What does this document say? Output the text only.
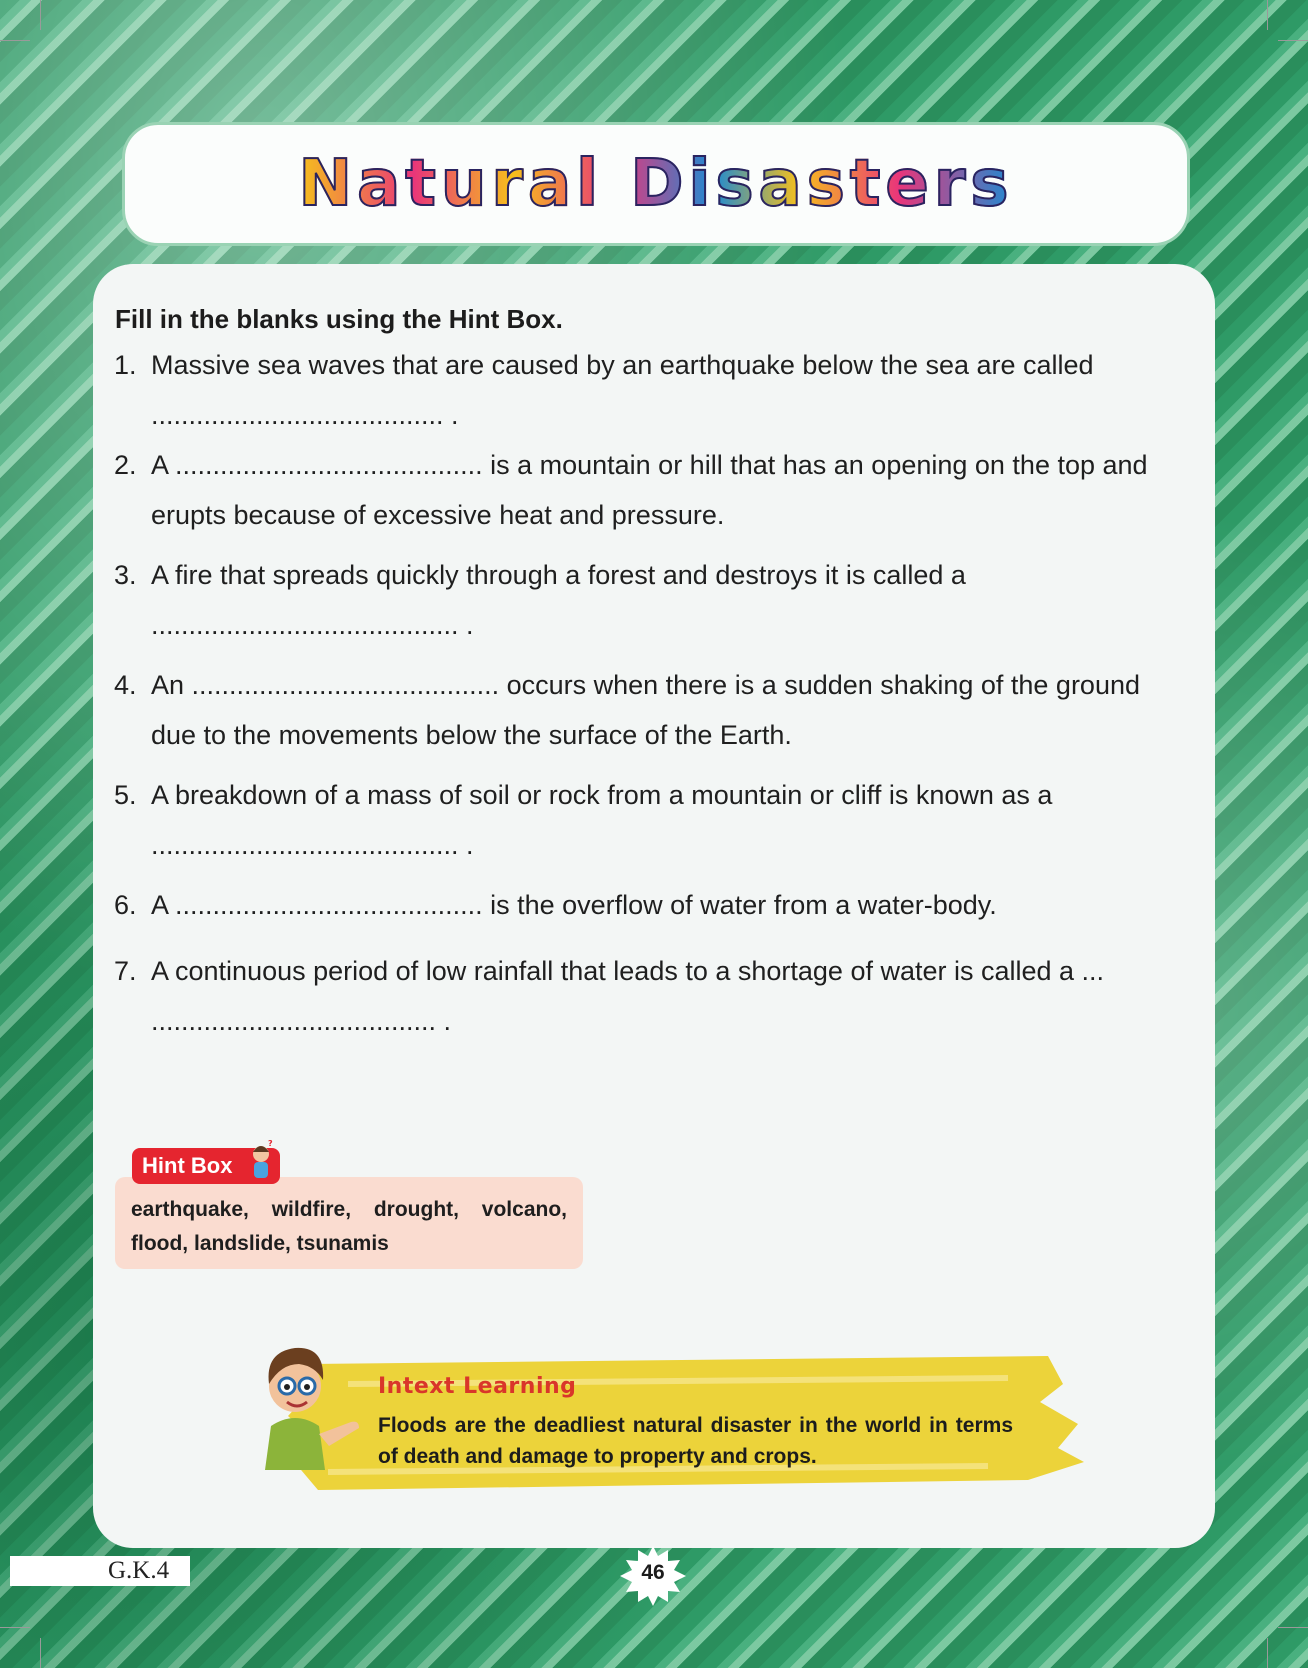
Natural Disasters
Fill in the blanks using the Hint Box.
1. Massive sea waves that are caused by an earthquake below the sea are called
....................................... .
2. A ......................................... is a mountain or hill that has an opening on the top and
erupts because of excessive heat and pressure.
3. A fire that spreads quickly through a forest and destroys it is called a
......................................... .
4. An ......................................... occurs when there is a sudden shaking of the ground
due to the movements below the surface of the Earth.
5. A breakdown of a mass of soil or rock from a mountain or cliff is known as a
......................................... .
6. A ......................................... is the overflow of water from a water-body.
7. A continuous period of low rainfall that leads to a shortage of water is called a ...
...................................... .
earthquake, wildfire, drought, volcano, flood, landslide, tsunamis
Hint Box
?
Intext Learning
Floods are the deadliest natural disaster in the world in terms of death and damage to property and crops.
G.K.4	46
